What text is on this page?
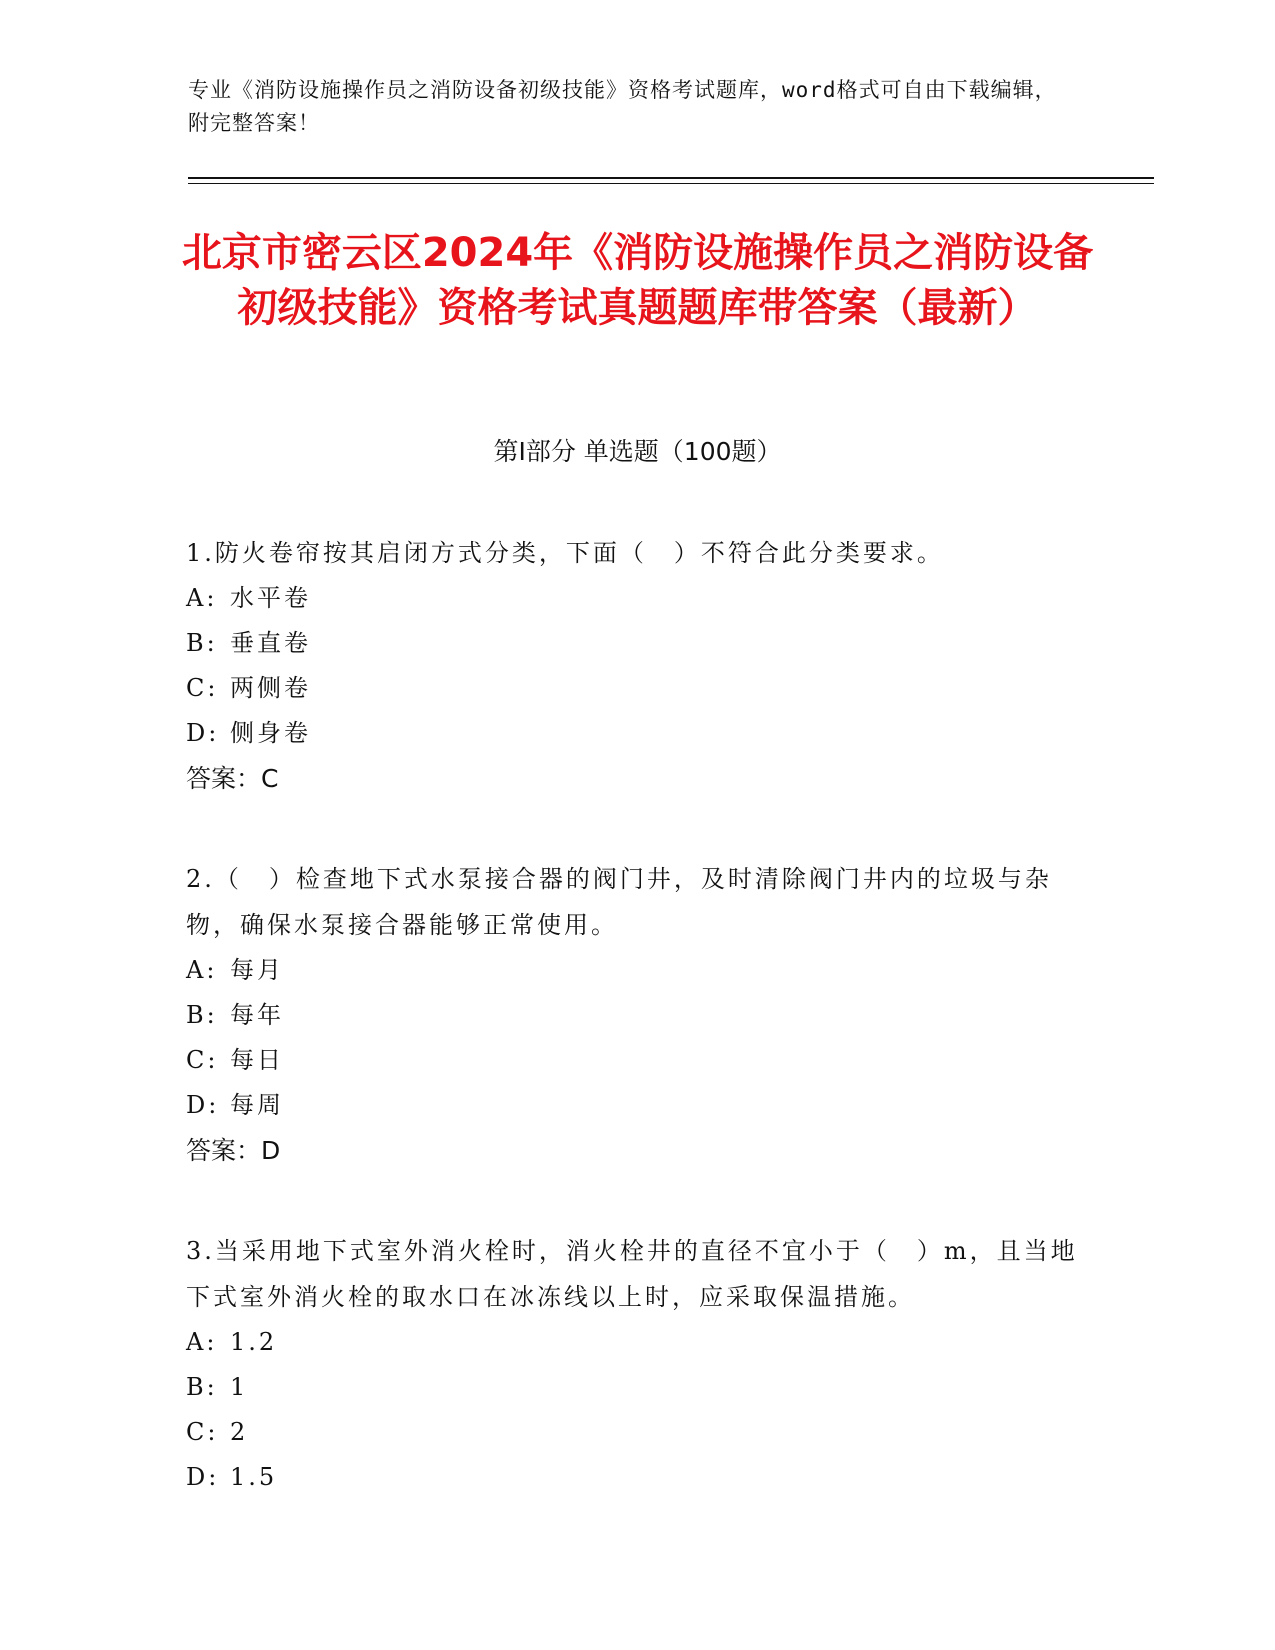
专业《消防设施操作员之消防设备初级技能》资格考试题库，word格式可自由下载编辑，附完整答案！
北京市密云区2024年《消防设施操作员之消防设备初级技能》资格考试真题题库带答案（最新）
第I部分 单选题（100题）

1.防火卷帘按其启闭方式分类，下面（　）不符合此分类要求。

A: 水平卷

B: 垂直卷

C: 两侧卷

D: 侧身卷

答案：C

2.（　）检查地下式水泵接合器的阀门井，及时清除阀门井内的垃圾与杂物，确保水泵接合器能够正常使用。

A: 每月

B: 每年

C: 每日

D: 每周

答案：D

3.当采用地下式室外消火栓时，消火栓井的直径不宜小于（　）m，且当地下式室外消火栓的取水口在冰冻线以上时，应采取保温措施。

A: 1.2

B: 1

C: 2

D: 1.5
